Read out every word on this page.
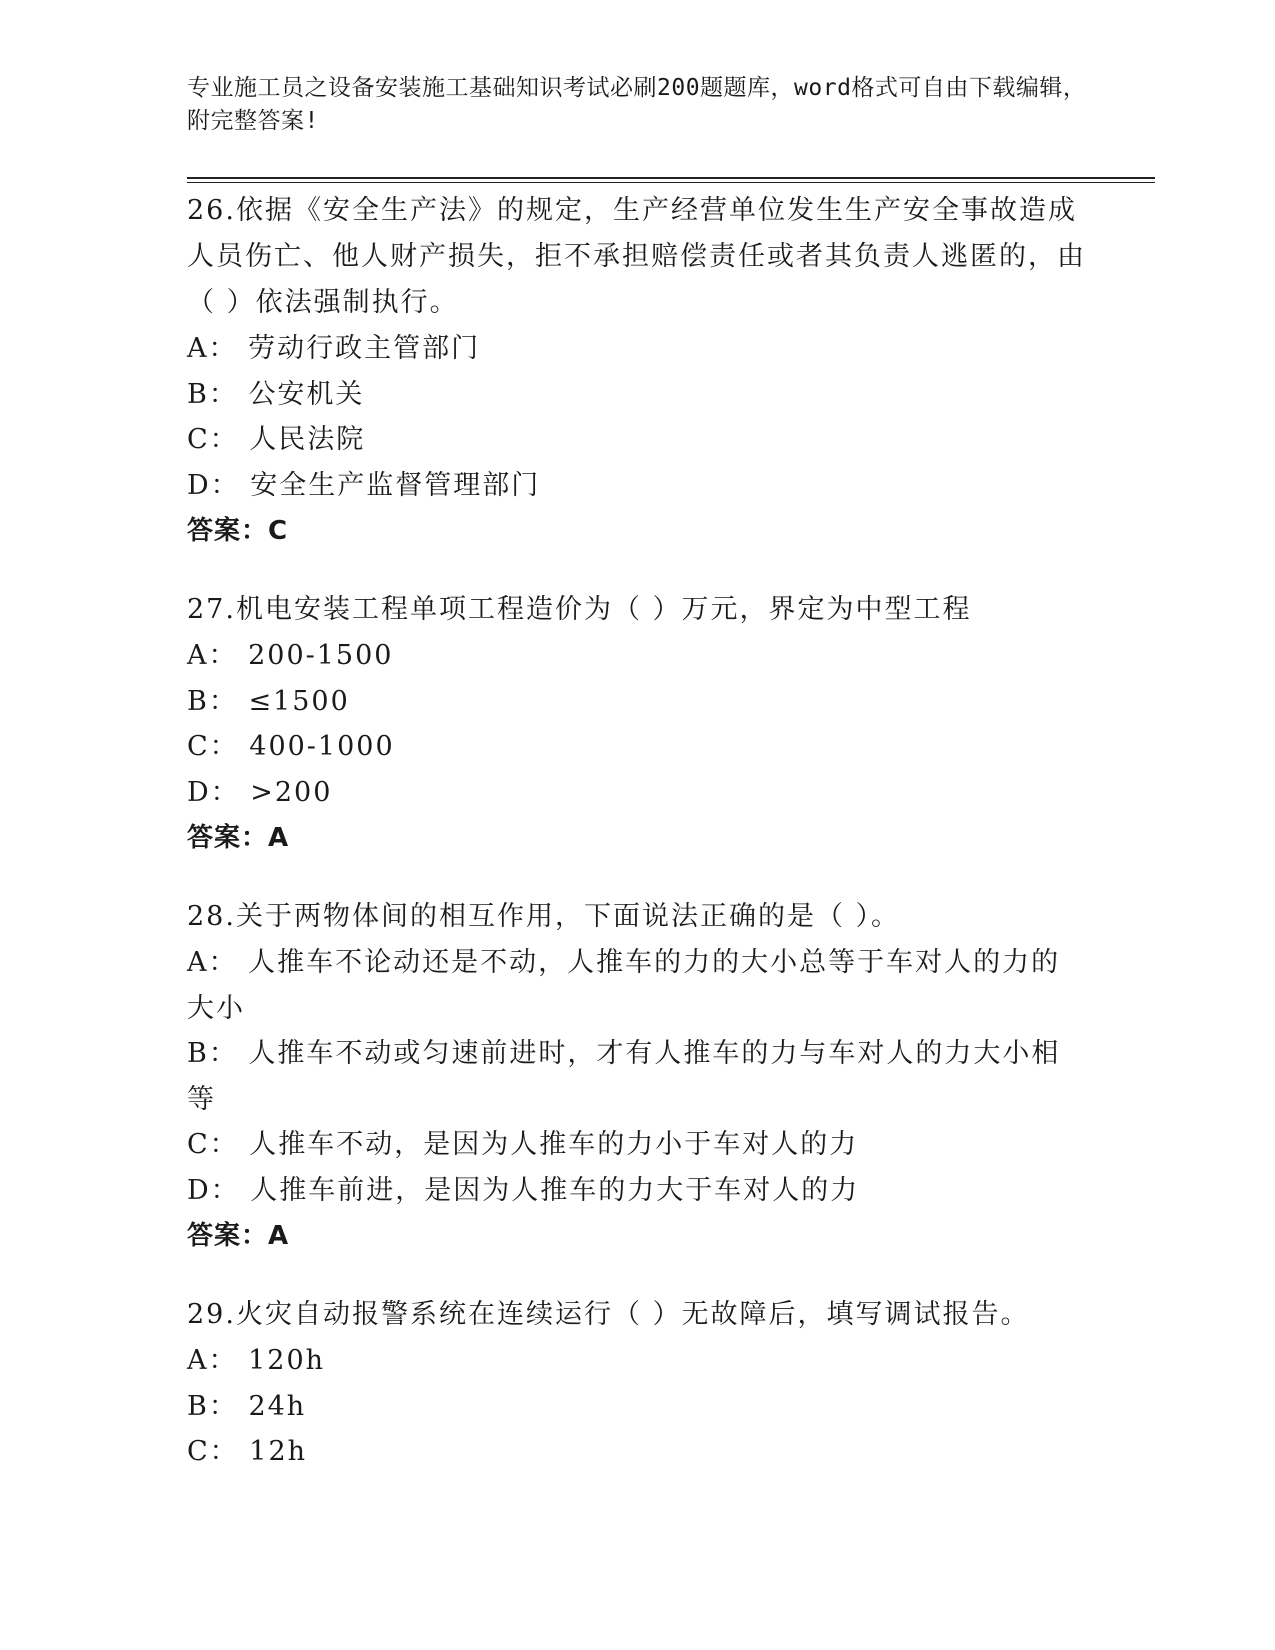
专业施工员之设备安装施工基础知识考试必刷200题题库，word格式可自由下载编辑，附完整答案!

26.依据《安全生产法》的规定，生产经营单位发生生产安全事故造成人员伤亡、他人财产损失，拒不承担赔偿责任或者其负责人逃匿的，由（ ）依法强制执行。

A ： 劳动行政主管部门

B ： 公安机关

C ： 人民法院

D ： 安全生产监督管理部门

答案 ： C

27.机电安装工程单项工程造价为（ ）万元，界定为中型工程

A ： 200-1500

B ： ≤1500

C ： 400-1000

D ： >200

答案 ： A

28.关于两物体间的相互作用，下面说法正确的是（ ）。

A ： 人推车不论动还是不动，人推车的力的大小总等于车对人的力的大小

B ： 人推车不动或匀速前进时，才有人推车的力与车对人的力大小相等

C ： 人推车不动，是因为人推车的力小于车对人的力

D ： 人推车前进，是因为人推车的力大于车对人的力

答案 ： A

29.火灾自动报警系统在连续运行（ ）无故障后，填写调试报告。

A ： 120h

B ： 24h

C ： 12h
